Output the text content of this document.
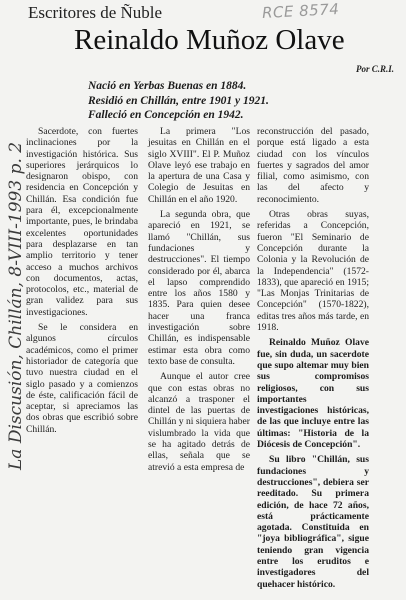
Escritores de Ñuble	RCE 8574
Reinaldo Muñoz Olave
Por C.R.I.
Nació en Yerbas Buenas en 1884.
Residió en Chillán, entre 1901 y 1921.
Falleció en Concepción en 1942.
La Discusión, Chillán, 8-VIII-1993 p. 2

Sacerdote, con fuertes inclinaciones por la investigación histórica. Sus superiores jerárquicos lo designaron obispo, con residencia en Concepción y Chillán. Esa condición fue para él, excepcionalmente importante, pues, le brindaba excelentes oportunidades para desplazarse en tan amplio territorio y tener acceso a muchos archivos con documentos, actas, protocolos, etc., material de gran validez para sus investigaciones.

Se le considera en algunos círculos académicos, como el primer historiador de categoría que tuvo nuestra ciudad en el siglo pasado y a comienzos de éste, calificación fácil de aceptar, si apreciamos las dos obras que escribió sobre Chillán.

La primera "Los jesuitas en Chillán en el siglo XVIII". El P. Muñoz Olave leyó ese trabajo en la apertura de una Casa y Colegio de Jesuitas en Chillán en el año 1920.

La segunda obra, que apareció en 1921, se llamó "Chillán, sus fundaciones y destrucciones". El tiempo considerado por él, abarca el lapso comprendido entre los años 1580 y 1835. Para quien desee hacer una franca investigación sobre Chillán, es indispensable estimar esta obra como texto base de consulta.

Aunque el autor cree que con estas obras no alcanzó a trasponer el dintel de las puertas de Chillán y ni siquiera haber vislumbrado la vida que se ha agitado detrás de ellas, señala que se atrevió a esta empresa de

reconstrucción del pasado, porque está ligado a esta ciudad con los vínculos fuertes y sagrados del amor filial, como asimismo, con las del afecto y reconocimiento.

Otras obras suyas, referidas a Concepción, fueron "El Seminario de Concepción durante la Colonia y la Revolución de la Independencia" (1572-1833), que apareció en 1915; "Las Monjas Trinitarias de Concepción" (1570-1822), editas tres años más tarde, en 1918.

Reinaldo Muñoz Olave fue, sin duda, un sacerdote que supo altemar muy bien sus compromisos religiosos, con sus importantes investigaciones históricas, de las que incluye entre las últimas: "Historia de la Diócesis de Concepción".

Su libro "Chillán, sus fundaciones y destrucciones", debiera ser reeditado. Su primera edición, de hace 72 años, está prácticamente agotada. Constituida en "joya bibliográfica", sigue teniendo gran vigencia entre los eruditos e investigadores del quehacer histórico.
